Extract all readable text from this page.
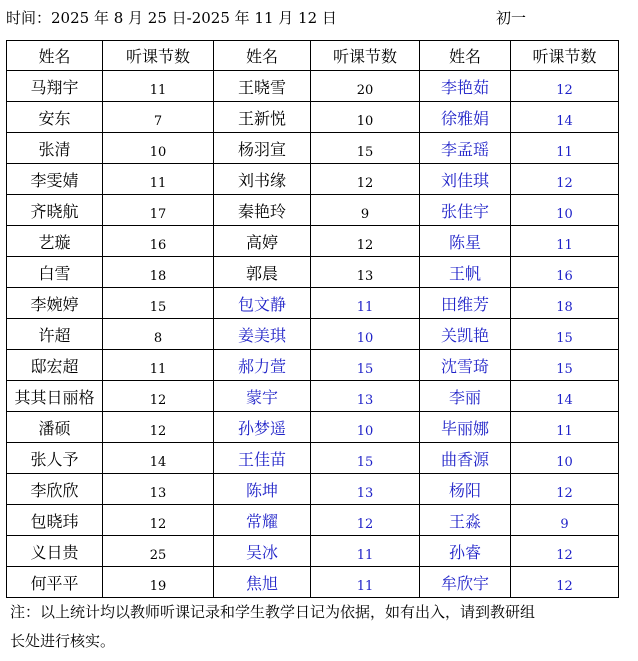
时间：2025 年 8 月 25 日-2025 年 11 月 12 日	初一
姓名	听课节数	姓名	听课节数	姓名	听课节数
马翔宇	11	王晓雪	20	李艳茹	12
安东	7	王新悦	10	徐雅娟	14
张清	10	杨羽宣	15	李孟瑶	11
李雯婧	11	刘书缘	12	刘佳琪	12
齐晓航	17	秦艳玲	9	张佳宇	10
艺璇	16	高婷	12	陈星	11
白雪	18	郭晨	13	王帆	16
李婉婷	15	包文静	11	田维芳	18
许超	8	姜美琪	10	关凯艳	15
邸宏超	11	郝力萱	15	沈雪琦	15
其其日丽格	12	蒙宇	13	李丽	14
潘硕	12	孙梦遥	10	毕丽娜	11
张人予	14	王佳苗	15	曲香源	10
李欣欣	13	陈坤	13	杨阳	12
包晓玮	12	常耀	12	王淼	9
义日贵	25	吴冰	11	孙睿	12
何平平	19	焦旭	11	牟欣宇	12
注：以上统计均以教师听课记录和学生教学日记为依据，如有出入，请到教研组
长处进行核实。
